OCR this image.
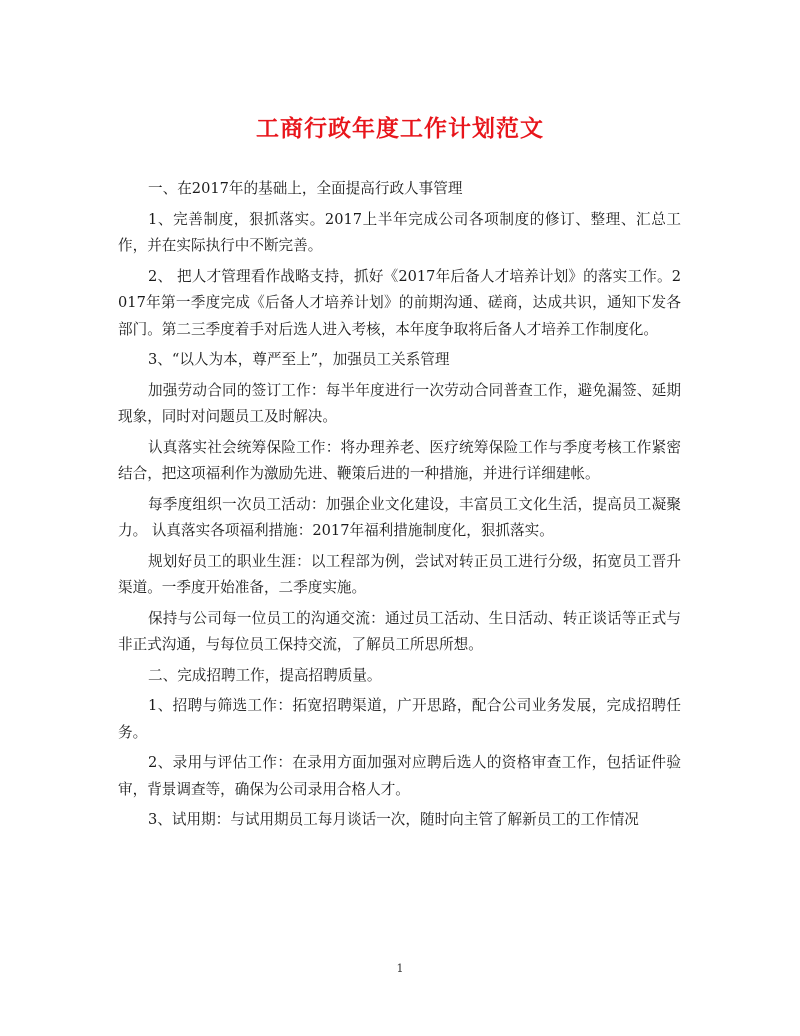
工商行政年度工作计划范文

一、在2017年的基础上，全面提高行政人事管理

1、完善制度，狠抓落实。2017上半年完成公司各项制度的修订、整理、汇总工作，并在实际执行中不断完善。

2、 把人才管理看作战略支持，抓好《2017年后备人才培养计划》的落实工作。2017年第一季度完成《后备人才培养计划》的前期沟通、磋商，达成共识，通知下发各部门。第二三季度着手对后选人进入考核，本年度争取将后备人才培养工作制度化。

3、“以人为本，尊严至上”，加强员工关系管理

加强劳动合同的签订工作：每半年度进行一次劳动合同普查工作，避免漏签、延期现象，同时对问题员工及时解决。

认真落实社会统筹保险工作：将办理养老、医疗统筹保险工作与季度考核工作紧密结合，把这项福利作为激励先进、鞭策后进的一种措施，并进行详细建帐。

每季度组织一次员工活动：加强企业文化建设，丰富员工文化生活，提高员工凝聚力。 认真落实各项福利措施：2017年福利措施制度化，狠抓落实。

规划好员工的职业生涯：以工程部为例，尝试对转正员工进行分级，拓宽员工晋升渠道。一季度开始准备，二季度实施。

保持与公司每一位员工的沟通交流：通过员工活动、生日活动、转正谈话等正式与非正式沟通，与每位员工保持交流，了解员工所思所想。

二、完成招聘工作，提高招聘质量。

1、招聘与筛选工作：拓宽招聘渠道，广开思路，配合公司业务发展，完成招聘任务。

2、录用与评估工作：在录用方面加强对应聘后选人的资格审查工作，包括证件验审，背景调查等，确保为公司录用合格人才。

3、试用期：与试用期员工每月谈话一次，随时向主管了解新员工的工作情况

1
